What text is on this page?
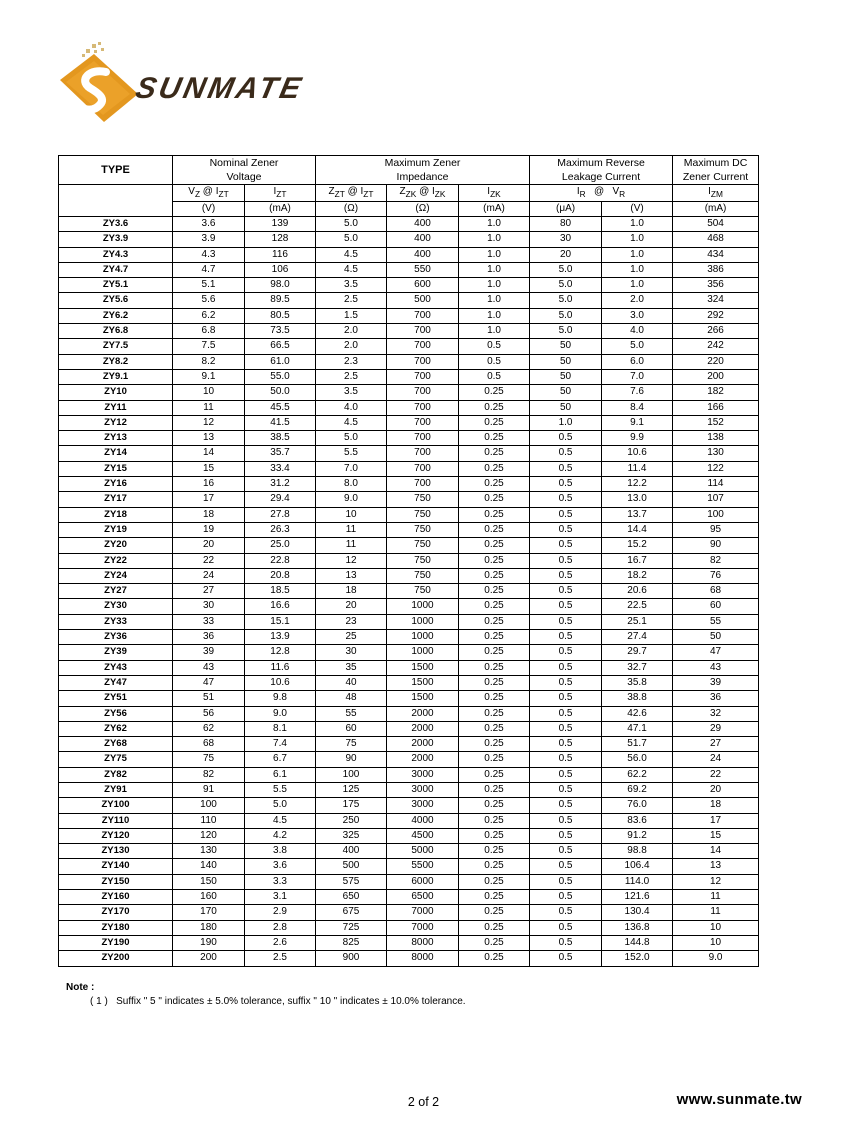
SUNMATE
TYPE	Nominal Zener		Maximum Zener			Maximum Reverse		Maximum DC
	Voltage		Impedance			Leakage Current		Zener Current
	$V_Z$ @ $I_{ZT}$	$I_{ZT}$	$Z_{ZT}$ @ $I_{ZT}$	$Z_{ZK}$ @ $I_{ZK}$	$I_{ZK}$	$I_R$   @   $V_R$		$I_{ZM}$
	(V)	(mA)	(Ω)	(Ω)	(mA)	(μA)	(V)	(mA)
ZY3.6	3.6	139	5.0	400	1.0	80	1.0	504
ZY3.9	3.9	128	5.0	400	1.0	30	1.0	468
ZY4.3	4.3	116	4.5	400	1.0	20	1.0	434
ZY4.7	4.7	106	4.5	550	1.0	5.0	1.0	386
ZY5.1	5.1	98.0	3.5	600	1.0	5.0	1.0	356
ZY5.6	5.6	89.5	2.5	500	1.0	5.0	2.0	324
ZY6.2	6.2	80.5	1.5	700	1.0	5.0	3.0	292
ZY6.8	6.8	73.5	2.0	700	1.0	5.0	4.0	266
ZY7.5	7.5	66.5	2.0	700	0.5	50	5.0	242
ZY8.2	8.2	61.0	2.3	700	0.5	50	6.0	220
ZY9.1	9.1	55.0	2.5	700	0.5	50	7.0	200
ZY10	10	50.0	3.5	700	0.25	50	7.6	182
ZY11	11	45.5	4.0	700	0.25	50	8.4	166
ZY12	12	41.5	4.5	700	0.25	1.0	9.1	152
ZY13	13	38.5	5.0	700	0.25	0.5	9.9	138
ZY14	14	35.7	5.5	700	0.25	0.5	10.6	130
ZY15	15	33.4	7.0	700	0.25	0.5	11.4	122
ZY16	16	31.2	8.0	700	0.25	0.5	12.2	114
ZY17	17	29.4	9.0	750	0.25	0.5	13.0	107
ZY18	18	27.8	10	750	0.25	0.5	13.7	100
ZY19	19	26.3	11	750	0.25	0.5	14.4	95
ZY20	20	25.0	11	750	0.25	0.5	15.2	90
ZY22	22	22.8	12	750	0.25	0.5	16.7	82
ZY24	24	20.8	13	750	0.25	0.5	18.2	76
ZY27	27	18.5	18	750	0.25	0.5	20.6	68
ZY30	30	16.6	20	1000	0.25	0.5	22.5	60
ZY33	33	15.1	23	1000	0.25	0.5	25.1	55
ZY36	36	13.9	25	1000	0.25	0.5	27.4	50
ZY39	39	12.8	30	1000	0.25	0.5	29.7	47
ZY43	43	11.6	35	1500	0.25	0.5	32.7	43
ZY47	47	10.6	40	1500	0.25	0.5	35.8	39
ZY51	51	9.8	48	1500	0.25	0.5	38.8	36
ZY56	56	9.0	55	2000	0.25	0.5	42.6	32
ZY62	62	8.1	60	2000	0.25	0.5	47.1	29
ZY68	68	7.4	75	2000	0.25	0.5	51.7	27
ZY75	75	6.7	90	2000	0.25	0.5	56.0	24
ZY82	82	6.1	100	3000	0.25	0.5	62.2	22
ZY91	91	5.5	125	3000	0.25	0.5	69.2	20
ZY100	100	5.0	175	3000	0.25	0.5	76.0	18
ZY110	110	4.5	250	4000	0.25	0.5	83.6	17
ZY120	120	4.2	325	4500	0.25	0.5	91.2	15
ZY130	130	3.8	400	5000	0.25	0.5	98.8	14
ZY140	140	3.6	500	5500	0.25	0.5	106.4	13
ZY150	150	3.3	575	6000	0.25	0.5	114.0	12
ZY160	160	3.1	650	6500	0.25	0.5	121.6	11
ZY170	170	2.9	675	7000	0.25	0.5	130.4	11
ZY180	180	2.8	725	7000	0.25	0.5	136.8	10
ZY190	190	2.6	825	8000	0.25	0.5	144.8	10
ZY200	200	2.5	900	8000	0.25	0.5	152.0	9.0
Note :
( 1 )   Suffix " 5 " indicates ± 5.0% tolerance, suffix " 10 " indicates ± 10.0% tolerance.
2 of 2	www.sunmate.tw
